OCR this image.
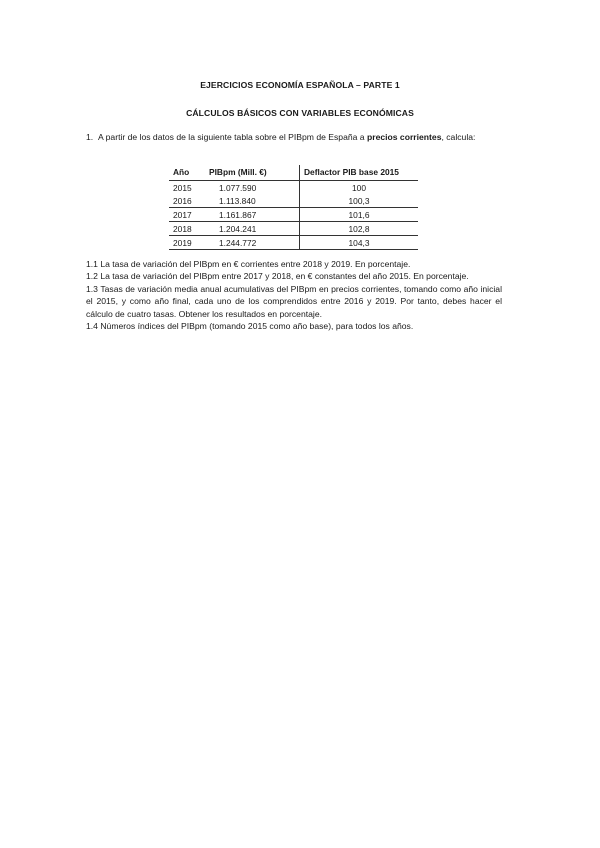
EJERCICIOS ECONOMÍA ESPAÑOLA – PARTE 1
CÁLCULOS BÁSICOS CON VARIABLES ECONÓMICAS
1. A partir de los datos de la siguiente tabla sobre el PIBpm de España a precios corrientes, calcula:
Año	PIBpm (Mill. €)	Deflactor PIB base 2015
2015	1.077.590	100
2016	1.113.840	100,3
2017	1.161.867	101,6
2018	1.204.241	102,8
2019	1.244.772	104,3

1.1 La tasa de variación del PIBpm en € corrientes entre 2018 y 2019. En porcentaje.

1.2 La tasa de variación del PIBpm entre 2017 y 2018, en € constantes del año 2015. En porcentaje.

1.3 Tasas de variación media anual acumulativas del PIBpm en precios corrientes, tomando como año inicial el 2015, y como año final, cada uno de los comprendidos entre 2016 y 2019. Por tanto, debes hacer el cálculo de cuatro tasas. Obtener los resultados en porcentaje.

1.4 Números índices del PIBpm (tomando 2015 como año base), para todos los años.
